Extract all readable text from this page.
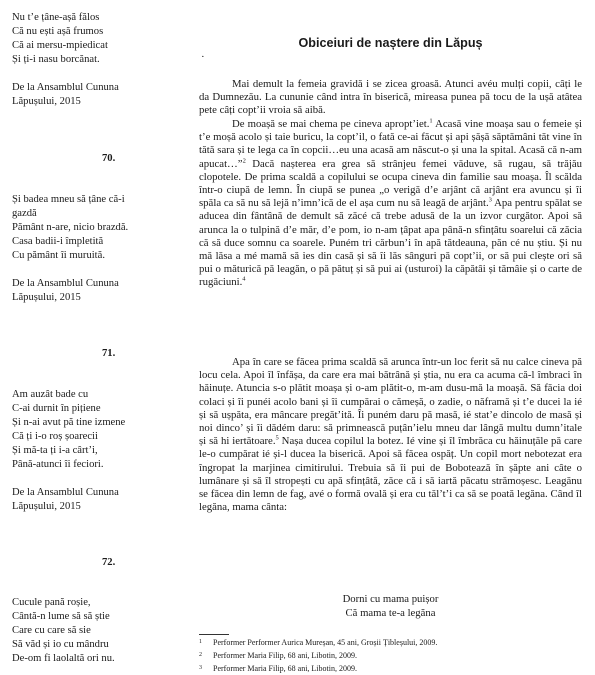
Nu t’e țâne-așă fălos
Că nu ești așă frumos
Că ai mersu-mpiedicat
Și ți-i nasu borcănat.
De la Ansamblul Cununa
Lăpușului, 2015
70.
Și badea mneu să țâne că-i
gazdă
Pământ n-are, nicio brazdă.
Casa badii-i împletită
Cu pământ îi muruită.
De la Ansamblul Cununa
Lăpușului, 2015
71.
Am auzât bade cu
C-ai durnit în pițiene
Și n-ai avut pă tine izmene
Că ți i-o roș șoarecii
Și mă-ta ți i-a cârt’i,
Până-atunci îi feciori.
De la Ansamblul Cununa
Lăpușului, 2015
72.
Cucule pană roșie,
Cântă-n lume să să știe
Care cu care să sie
Să văd și io cu mândru
De-om fi laolaltă ori nu.
Obiceiuri de naștere din Lăpuș
·

Mai demult la femeia gravidă i se zicea groasă. Atunci avéu mulți copii, câți le da Dumnezău. La cununie când intra în biserică, mireasa punea pă tocu de la ușă atâtea pete câți copt’ii vroia să aibă.

De moașă se mai chema pe cineva apropt’iet.$^1$ Acasă vine moașa sau o femeie și t’e moșă acolo și taie buricu, la copt’il, o fată ce-ai făcut și api șășă săptămâni tăt vine în tătă sara și te lega ca în copcii…eu una acasă am născut-o și una la spital. Acasă că n-am apucat…”$^2$ Dacă nașterea era grea să strânjeu femei văduve, să rugau, să trăjău clopotele. De prima scaldă a copilului se ocupa cineva din familie sau moașa. Îl scălda într-o ciupă de lemn. În ciupă se punea „o verigă d’e arjânt că arjânt era avuncu și îi spăla ca să nu să lejă n’imn’ică de el așa cum nu să leagă de arjânt.$^3$ Apa pentru spălat se aducea din fântână de demult să zăcé că trebe adusă de la un izvor curgător. Apoi să arunca la o tulpină d’e măr, d’e pom, io n-am țâpat apa până-n sfințâtu soarelui că zăcia că să duce somnu ca soarele. Puném tri cărbun’i în apă tătdeauna, păn cé nu știu. Și nu mă lăsa a mé mamă să ies din casă și să îi lăs sânguri pă copt’ii, or să pui clește ori să pui o măturică pă leagăn, o pă pătuț și să pui ai (usturoi) la căpătâi și tămâie și o carte de rugăciuni.$^4$

Apa în care se făcea prima scaldă să arunca într-un loc ferit să nu calce cineva pă locu cela. Apoi îl înfășa, da care era mai bătrână și știa, nu era ca acuma că-l îmbraci în hăinuțe. Atuncia s-o plătit moașa și o-am plătit-o, m-am dusu-mă la moașă. Să făcia doi colaci și îi punéi acolo bani și îi cumpărai o cămeșă, o zadie, o năframă și t’e ducei la ié și să ușpăta, era mâncare pregăt’ită. Îi puném daru pă masă, ié stat’e dincolo de masă și noi dinco’ și îi dădém daru: să primnească puțân’ielu mneu dar lângă multu dumn’itale și să hi iertătoare.$^5$ Nașa ducea copilul la botez. Ié vine și îl îmbrăca cu hăinuțăle pă care le-o cumpărat ié și-l ducea la biserică. Apoi să făcea ospăț. Un copil mort nebotezat era îngropat la marjinea cimitirului. Trebuia să îi pui de Bobotează în șăpte ani câte o lumânare și să îl stropești cu apă sfințâtă, zăce că i să iartă păcatu strămoșesc. Leagănu se făcea din lemn de fag, avé o formă ovală și era cu tăl’t’i ca să se poată legăna. Când îl legăna, mama cânta:

Dorni cu mama puișor
Că mama te-a legăna
1 Performer Performer Aurica Mureșan, 45 ani, Groșii Țibleșului, 2009.
2 Performer Maria Filip, 68 ani, Libotin, 2009.
3 Performer Maria Filip, 68 ani, Libotin, 2009.
